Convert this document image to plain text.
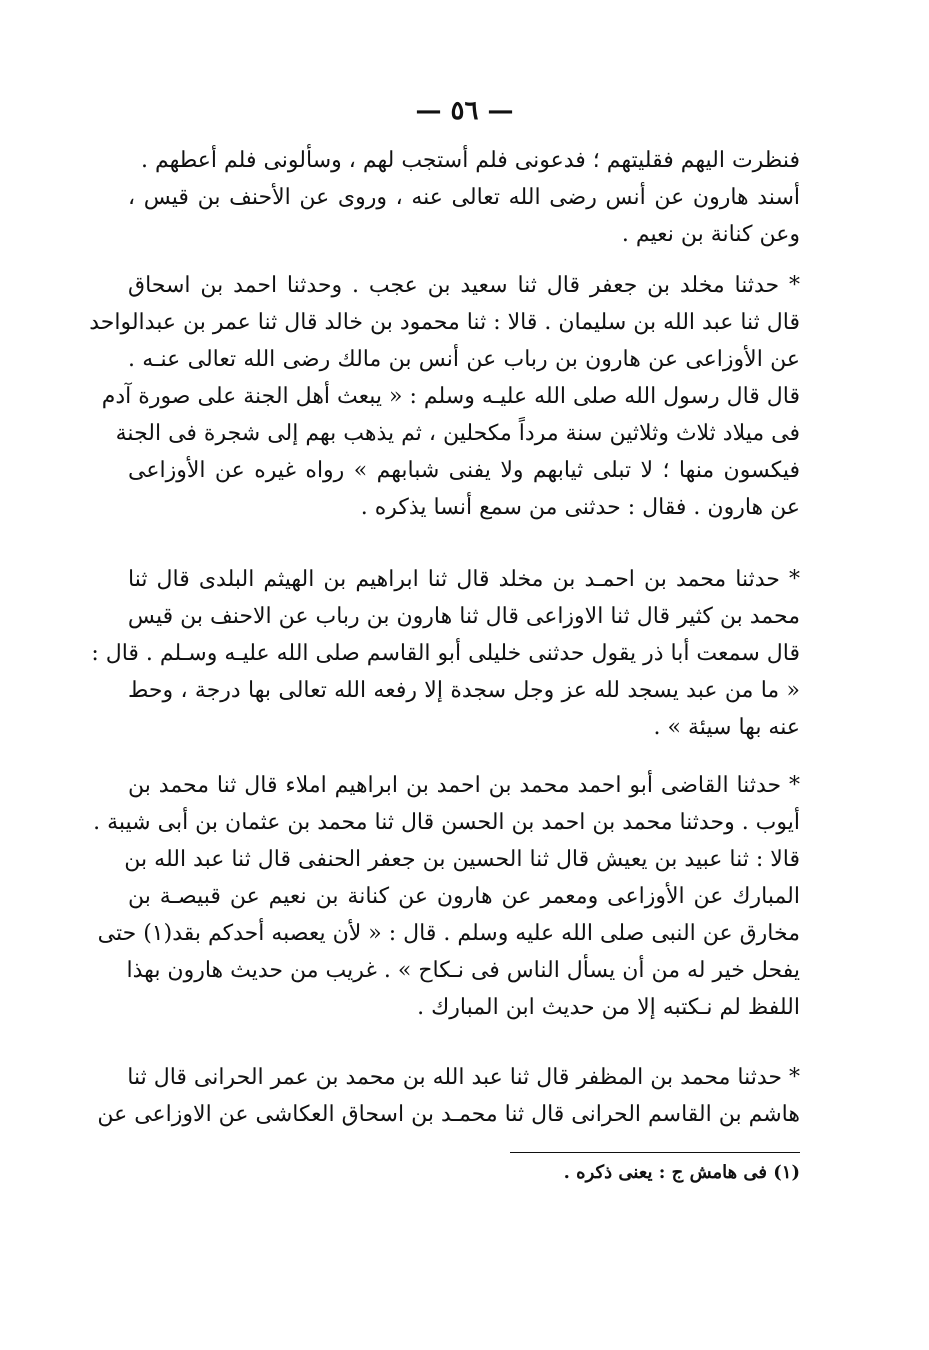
— ٥٦ —
فنظرت اليهم فقليتهم ؛ فدعونى فلم أستجب لهم ، وسألونى فلم أعطهم .
أسند هارون عن أنس رضى الله تعالى عنه ، وروى عن الأحنف بن قيس ،
وعن كنانة بن نعيم .
* حدثنا مخلد بن جعفر قال ثنا سعيد بن عجب . وحدثنا احمد بن اسحاق
قال ثنا عبد الله بن سليمان . قالا : ثنا محمود بن خالد قال ثنا عمر بن عبدالواحد
عن الأوزاعى عن هارون بن رباب عن أنس بن مالك رضى الله تعالى عنـه .
قال قال رسول الله صلى الله عليـه وسلم : « يبعث أهل الجنة على صورة آدم
فى ميلاد ثلاث وثلاثين سنة مرداً مكحلين ، ثم يذهب بهم إلى شجرة فى الجنة
فيكسون منها ؛ لا تبلى ثيابهم ولا يفنى شبابهم » رواه غيره عن الأوزاعى
عن هارون . فقال : حدثنى من سمع أنسا يذكره .
* حدثنا محمد بن احمـد بن مخلد قال ثنا ابراهيم بن الهيثم البلدى قال ثنا
محمد بن كثير قال ثنا الاوزاعى قال ثنا هارون بن رباب عن الاحنف بن قيس
قال سمعت أبا ذر يقول حدثنى خليلى أبو القاسم صلى الله عليـه وسـلم . قال :
« ما من عبد يسجد لله عز وجل سجدة إلا رفعه الله تعالى بها درجة ، وحط
عنه بها سيئة » .
* حدثنا القاضى أبو احمد محمد بن احمد بن ابراهيم املاء قال ثنا محمد بن
أيوب . وحدثنا محمد بن احمد بن الحسن قال ثنا محمد بن عثمان بن أبى شيبة .
قالا : ثنا عبيد بن يعيش قال ثنا الحسين بن جعفر الحنفى قال ثنا عبد الله بن
المبارك عن الأوزاعى ومعمر عن هارون عن كنانة بن نعيم عن قبيصـة بن
مخارق عن النبى صلى الله عليه وسلم . قال : « لأن يعصبه أحدكم بقد(١) حتى
يفحل خير له من أن يسأل الناس فى نـكاح » . غريب من حديث هارون بهذا
اللفظ لم نـكتبه إلا من حديث ابن المبارك .
* حدثنا محمد بن المظفر قال ثنا عبد الله بن محمد بن عمر الحرانى قال ثنا
هاشم بن القاسم الحرانى قال ثنا محمـد بن اسحاق العكاشى عن الاوزاعى عن
(١) فى هامش ج : يعنى ذكره .
